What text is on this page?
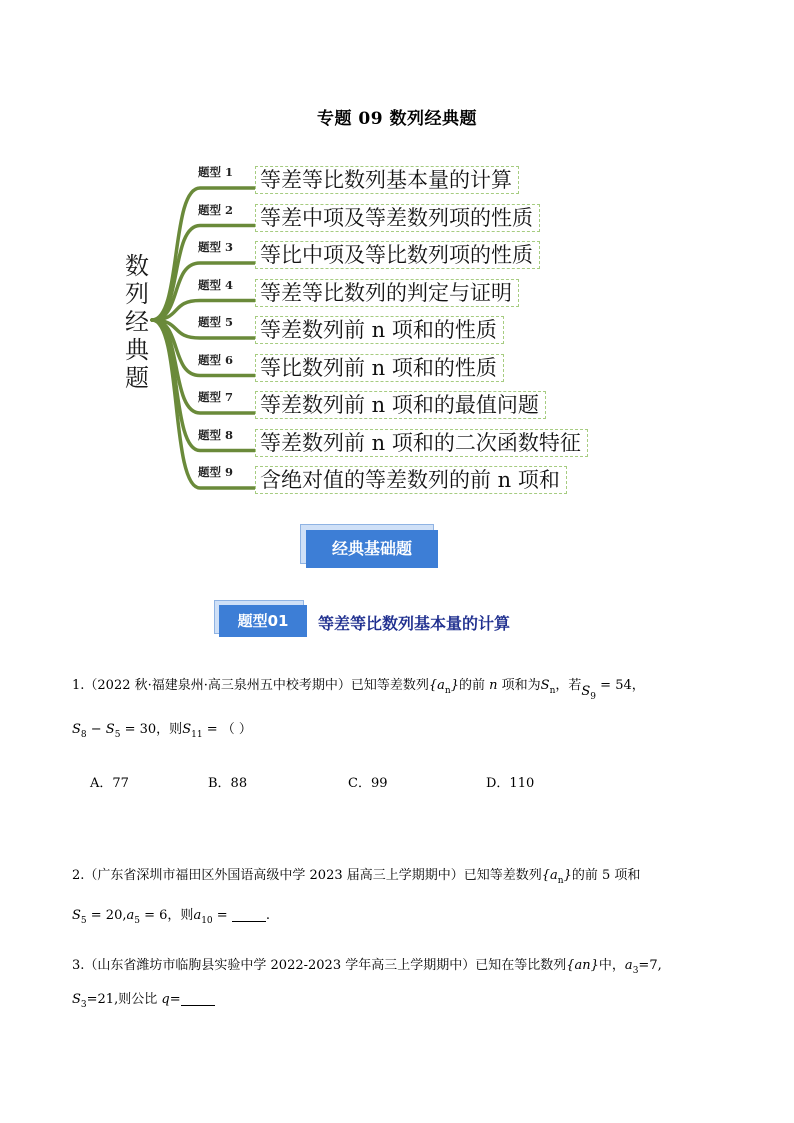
专题 09 数列经典题
数列经典题
题型 1 等差等比数列基本量的计算
题型 2 等差中项及等差数列项的性质
题型 3 等比中项及等比数列项的性质
题型 4 等差等比数列的判定与证明
题型 5 等差数列前 n 项和的性质
题型 6 等比数列前 n 项和的性质
题型 7 等差数列前 n 项和的最值问题
题型 8 等差数列前 n 项和的二次函数特征
题型 9 含绝对值的等差数列的前 n 项和
经典基础题
题型01	等差等比数列基本量的计算
1.（2022 秋·福建泉州·高三泉州五中校考期中）已知等差数列$\{a_n\}$的前 n 项和为$S_n$，若$S_9 = 54$，
$S_8 - S_5 = 30$，则$S_{11}$ = （ ）
A．77	B．88	C．99	D．110
2.（广东省深圳市福田区外国语高级中学 2023 届高三上学期期中）已知等差数列$\{a_n\}$的前 5 项和
$S_5 = 20,a_5 = 6$，则$a_{10}$ =	.
3.（山东省潍坊市临朐县实验中学 2022-2023 学年高三上学期期中）已知在等比数列{an}中，$a_3=7$,
$S_3=21$,则公比 q=
